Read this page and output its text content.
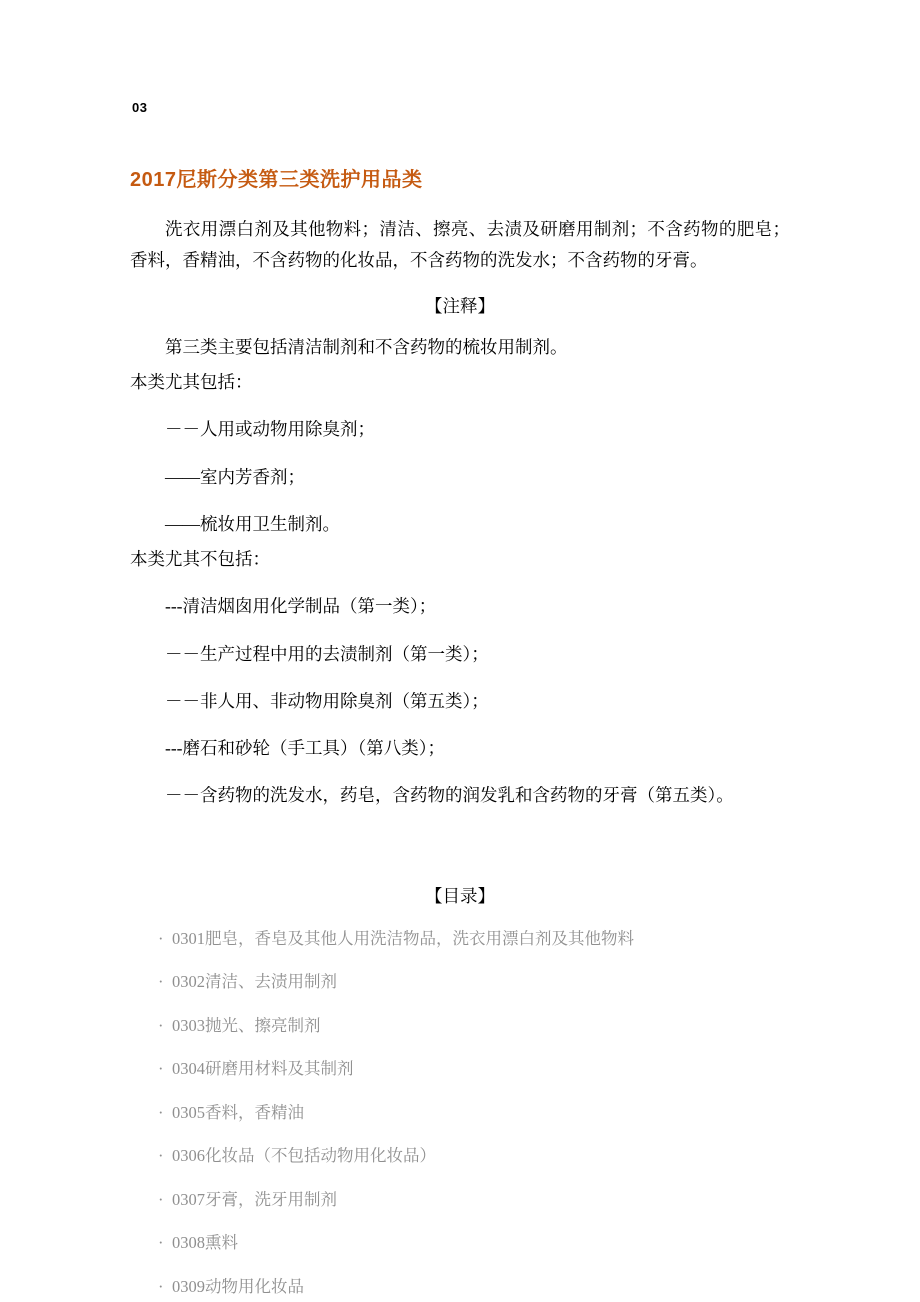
03
2017尼斯分类第三类洗护用品类

洗衣用漂白剂及其他物料；清洁、擦亮、去渍及研磨用制剂；不含药物的肥皂；香料，香精油，不含药物的化妆品，不含药物的洗发水；不含药物的牙膏。

【注释】

第三类主要包括清洁制剂和不含药物的梳妆用制剂。

本类尤其包括：

－－人用或动物用除臭剂；

——室内芳香剂；

——梳妆用卫生制剂。

本类尤其不包括：

---清洁烟囱用化学制品（第一类）；

－－生产过程中用的去渍制剂（第一类）；

－－非人用、非动物用除臭剂（第五类）；

---磨石和砂轮（手工具）（第八类）；

－－含药物的洗发水，药皂，含药物的润发乳和含药物的牙膏（第五类）。

【目录】

· 0301肥皂，香皂及其他人用洗洁物品，洗衣用漂白剂及其他物料
· 0302清洁、去渍用制剂
· 0303抛光、擦亮制剂
· 0304研磨用材料及其制剂
· 0305香料，香精油
· 0306化妆品（不包括动物用化妆品）
· 0307牙膏，洗牙用制剂
· 0308熏料
· 0309动物用化妆品
